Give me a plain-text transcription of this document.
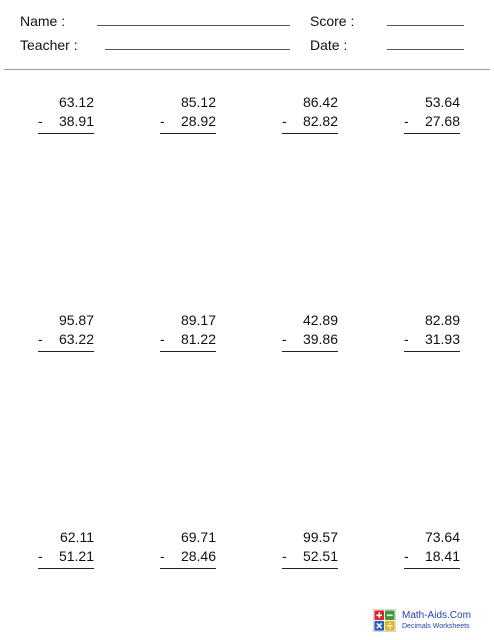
Name :	Score :
Teacher :	Date :
63.12
- 38.91
85.12
- 28.92
86.42
- 82.82
53.64
- 27.68
95.87
- 63.22
89.17
- 81.22
42.89
- 39.86
82.89
- 31.93
62.11
- 51.21
69.71
- 28.46
99.57
- 52.51
73.64
- 18.41
Math-Aids.Com
Decimals Worksheets
